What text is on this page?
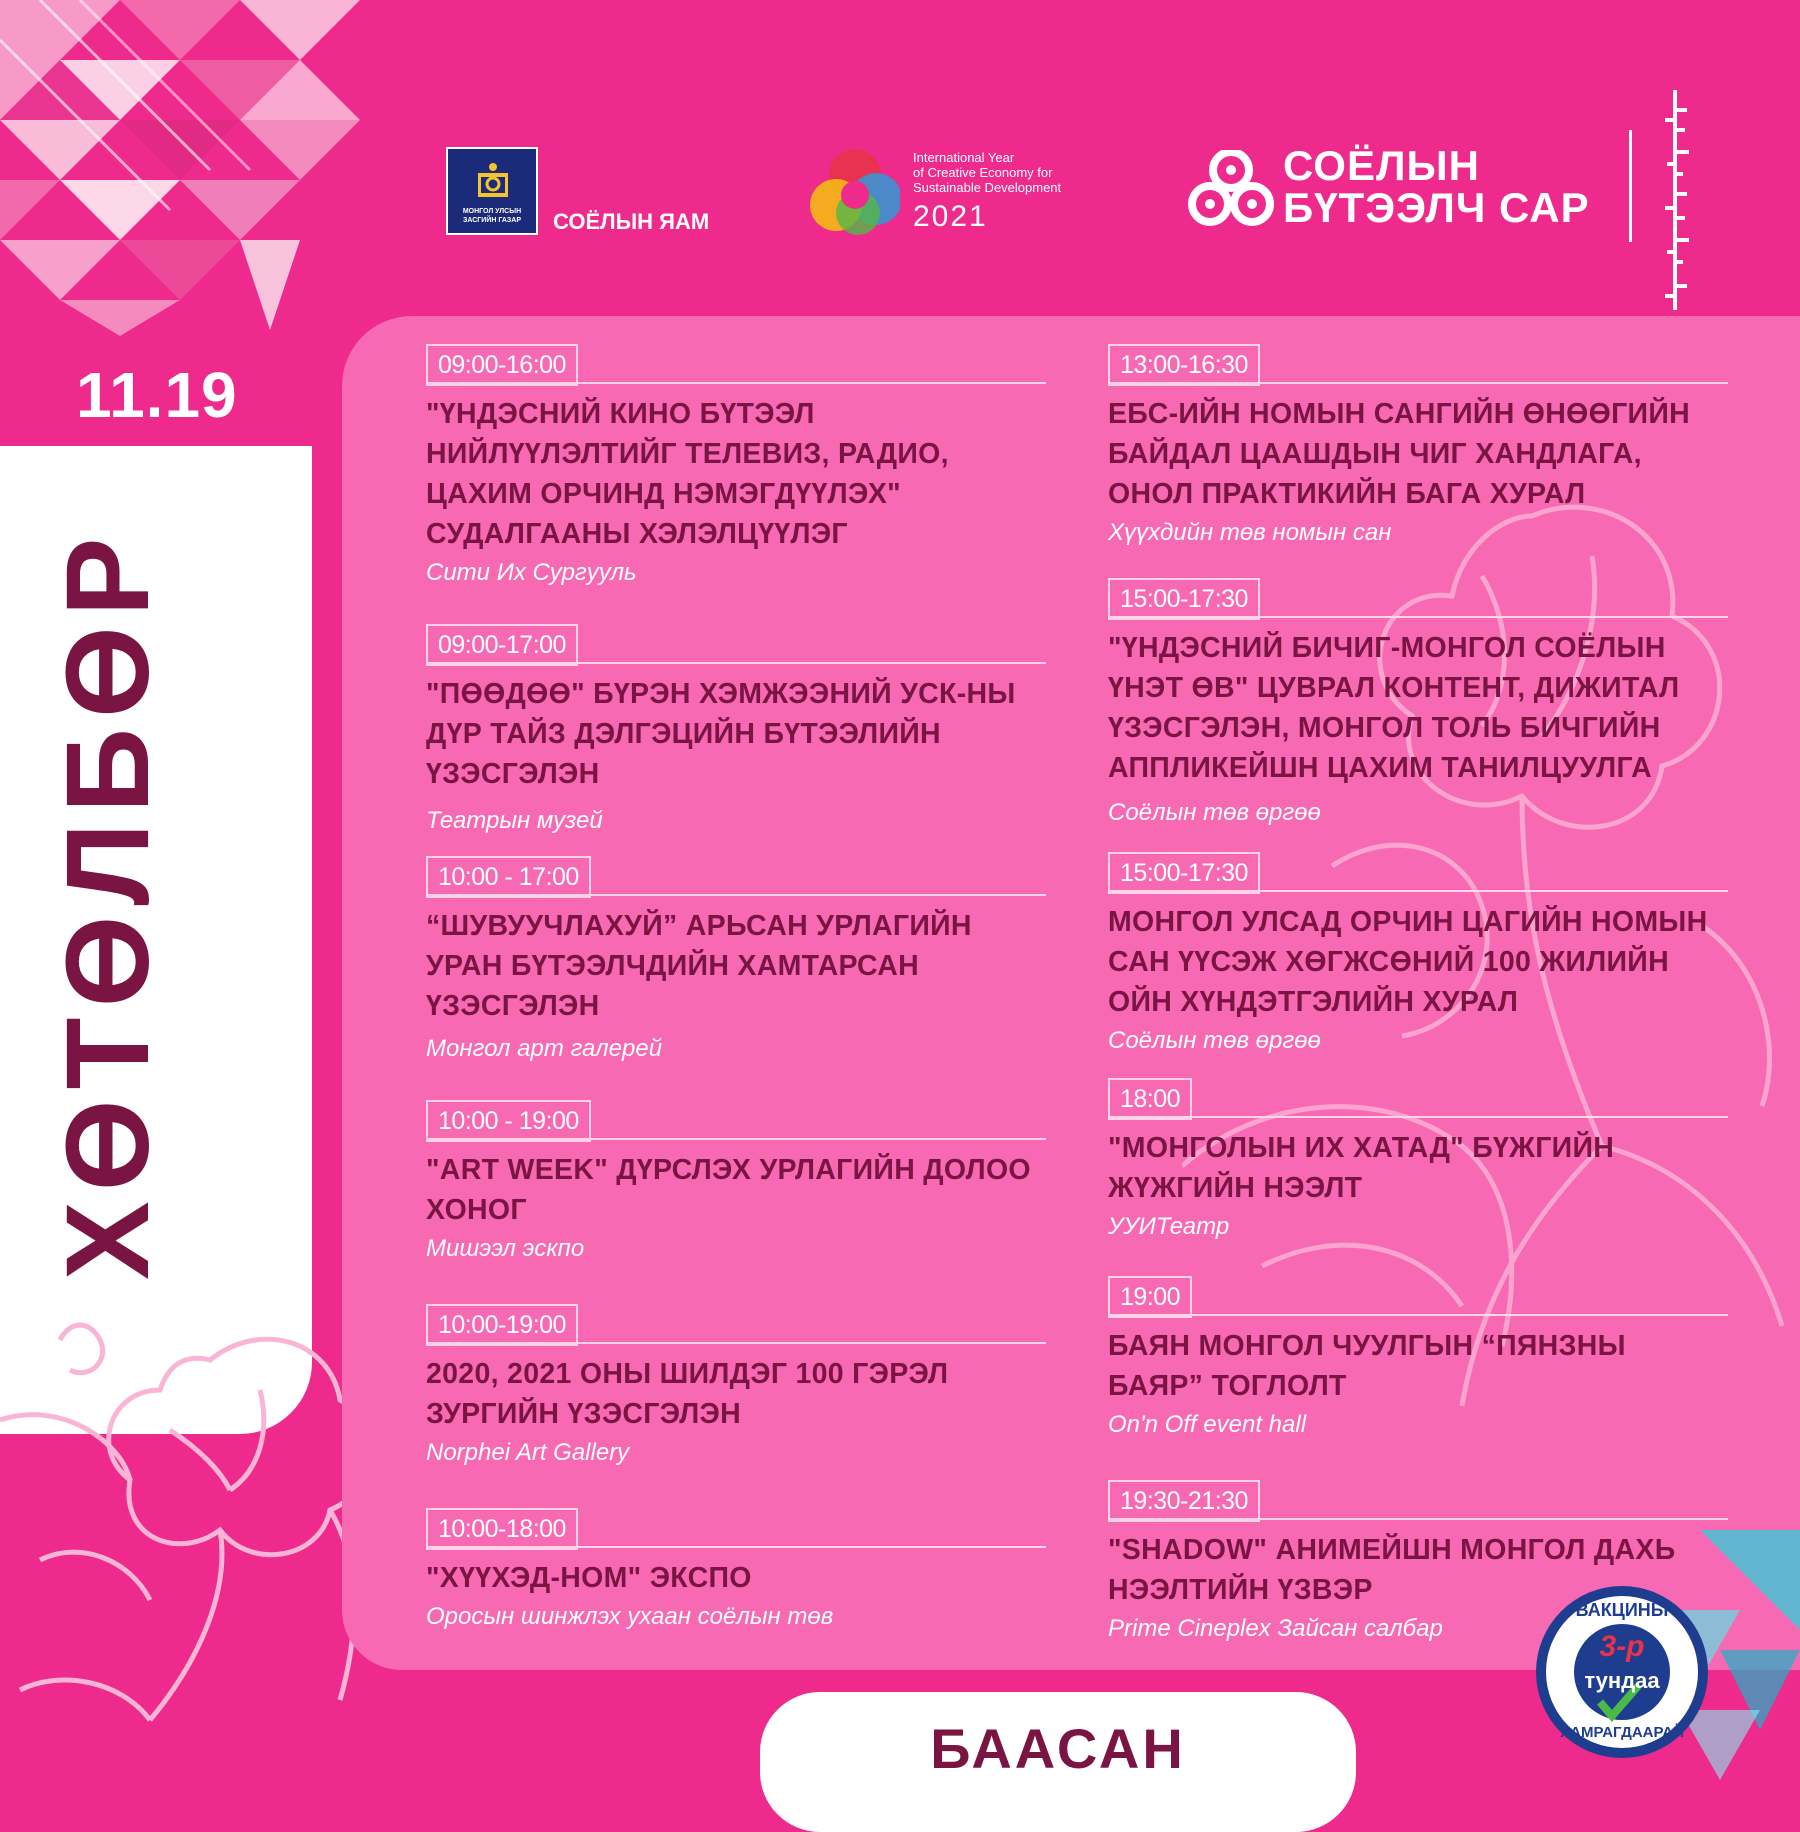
МОНГОЛ УЛСЫН
ЗАСГИЙН ГАЗАР	СОЁЛЫН ЯАМ
International Year
of Creative Economy for
Sustainable Development
2021
СОЁЛЫН
БҮТЭЭЛЧ САР
11.19
ХӨТӨЛБӨР
09:00-16:00
"ҮНДЭСНИЙ КИНО БҮТЭЭЛ НИЙЛҮҮЛЭЛТИЙГ ТЕЛЕВИЗ, РАДИО, ЦАХИМ ОРЧИНД НЭМЭГДҮҮЛЭХ" СУДАЛГААНЫ ХЭЛЭЛЦҮҮЛЭГ
Сити Их Сургууль
09:00-17:00
"ПӨӨДӨӨ" БҮРЭН ХЭМЖЭЭНИЙ УСК-НЫ ДҮР ТАЙЗ ДЭЛГЭЦИЙН БҮТЭЭЛИЙН ҮЗЭСГЭЛЭН
Театрын музей
10:00 - 17:00
“ШУВУУЧЛАХУЙ” АРЬСАН УРЛАГИЙН УРАН БҮТЭЭЛЧДИЙН ХАМТАРСАН ҮЗЭСГЭЛЭН
Монгол арт галерей
10:00 - 19:00
"ART WEEK" ДҮРСЛЭХ УРЛАГИЙН ДОЛОО ХОНОГ
Мишээл эскпо
10:00-19:00
2020, 2021 ОНЫ ШИЛДЭГ 100 ГЭРЭЛ ЗУРГИЙН ҮЗЭСГЭЛЭН
Norphei Art Gallery
10:00-18:00
"ХҮҮХЭД-НОМ" ЭКСПО
Оросын шинжлэх ухаан соёлын төв
13:00-16:30
ЕБС-ИЙН НОМЫН САНГИЙН ӨНӨӨГИЙН БАЙДАЛ ЦААШДЫН ЧИГ ХАНДЛАГА, ОНОЛ ПРАКТИКИЙН БАГА ХУРАЛ
Хүүхдийн төв номын сан
15:00-17:30
"ҮНДЭСНИЙ БИЧИГ-МОНГОЛ СОЁЛЫН ҮНЭТ ӨВ" ЦУВРАЛ КОНТЕНТ, ДИЖИТАЛ ҮЗЭСГЭЛЭН, МОНГОЛ ТОЛЬ БИЧГИЙН АППЛИКЕЙШН ЦАХИМ ТАНИЛЦУУЛГА
Соёлын төв өргөө
15:00-17:30
МОНГОЛ УЛСАД ОРЧИН ЦАГИЙН НОМЫН САН ҮҮСЭЖ ХӨГЖСӨНИЙ 100 ЖИЛИЙН ОЙН ХҮНДЭТГЭЛИЙН ХУРАЛ
Соёлын төв өргөө
18:00
"МОНГОЛЫН ИХ ХАТАД" БҮЖГИЙН ЖҮЖГИЙН НЭЭЛТ
УУИТеатр
19:00
БАЯН МОНГОЛ ЧУУЛГЫН “ПЯНЗНЫ БАЯР” ТОГЛОЛТ
On'n Off event hall
19:30-21:30
"SHADOW" АНИМЕЙШН МОНГОЛ ДАХЬ НЭЭЛТИЙН ҮЗВЭР
Prime Cineplex Зайсан салбар
БААСАН
ВАКЦИНЫ
3-р
тундаа
ХАМРАГДААРАЙ
